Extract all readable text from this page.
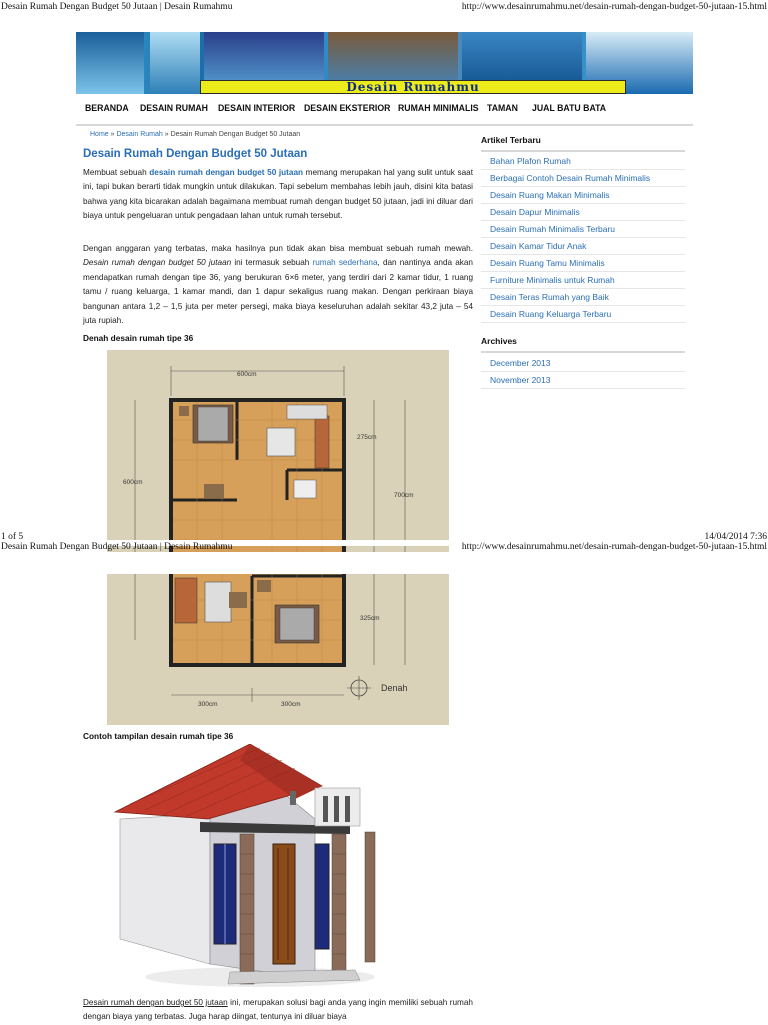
Desain Rumah Dengan Budget 50 Jutaan | Desain Rumahmu	http://www.desainrumahmu.net/desain-rumah-dengan-budget-50-jutaan-15.html
Desain Rumahmu
BERANDA DESAIN RUMAH DESAIN INTERIOR DESAIN EKSTERIOR RUMAH MINIMALIS TAMAN JUAL BATU BATA
Home » Desain Rumah » Desain Rumah Dengan Budget 50 Jutaan
Desain Rumah Dengan Budget 50 Jutaan
Membuat sebuah desain rumah dengan budget 50 jutaan memang merupakan hal yang sulit untuk saat ini, tapi bukan berarti tidak mungkin untuk dilakukan. Tapi sebelum membahas lebih jauh, disini kita batasi bahwa yang kita bicarakan adalah bagaimana membuat rumah dengan budget 50 jutaan, jadi ini diluar dari biaya untuk pengeluaran untuk pengadaan lahan untuk rumah tersebut.
Dengan anggaran yang terbatas, maka hasilnya pun tidak akan bisa membuat sebuah rumah mewah. Desain rumah dengan budget 50 jutaan ini termasuk sebuah rumah sederhana, dan nantinya anda akan mendapatkan rumah dengan tipe 36, yang berukuran 6×6 meter, yang terdiri dari 2 kamar tidur, 1 ruang tamu / ruang keluarga, 1 kamar mandi, dan 1 dapur sekaligus ruang makan. Dengan perkiraan biaya bangunan antara 1,2 – 1,5 juta per meter persegi, maka biaya keseluruhan adalah sekitar 43,2 juta – 54 juta rupiah.
Denah desain rumah tipe 36
600cm
275cm
600cm
700cm
325cm
300cm	300cm
Denah
1 of 5	14/04/2014 7:36
Desain Rumah Dengan Budget 50 Jutaan | Desain Rumahmu	http://www.desainrumahmu.net/desain-rumah-dengan-budget-50-jutaan-15.html
Contoh tampilan desain rumah tipe 36
Desain rumah dengan budget 50 jutaan ini, merupakan solusi bagi anda yang ingin memiliki sebuah rumah dengan biaya yang terbatas. Juga harap diingat, tentunya ini diluar biaya
Artikel Terbaru
Bahan Plafon Rumah
Berbagai Contoh Desain Rumah Minimalis
Desain Ruang Makan Minimalis
Desain Dapur Minimalis
Desain Rumah Minimalis Terbaru
Desain Kamar Tidur Anak
Desain Ruang Tamu Minimalis
Furniture Minimalis untuk Rumah
Desain Teras Rumah yang Baik
Desain Ruang Keluarga Terbaru
Archives
December 2013
November 2013
